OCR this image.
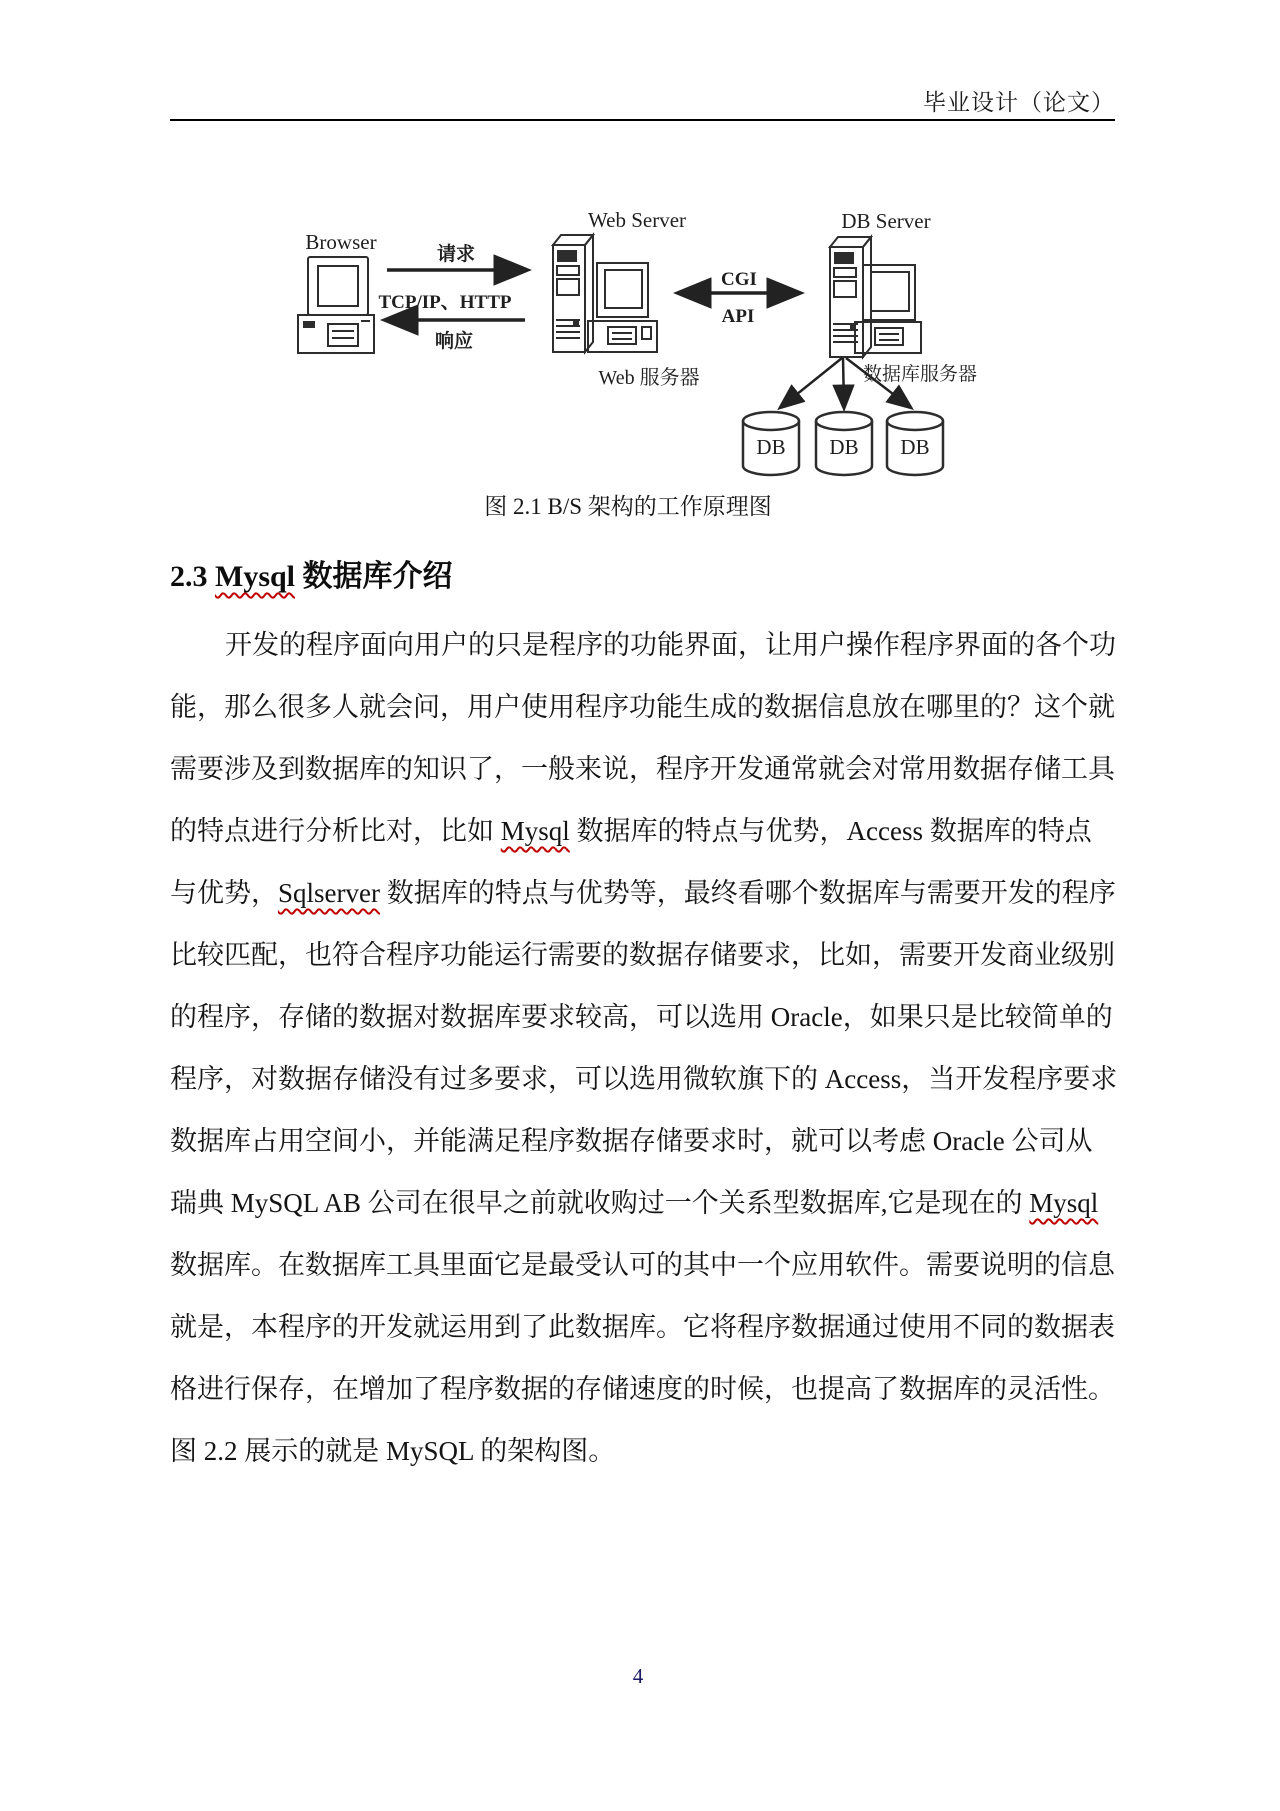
毕业设计（论文）
Browser
请求
TCP/IP、HTTP
响应
Web Server
Web 服务器
CGI
API
DB Server
数据库服务器
DB DB DB
图 2.1 B/S 架构的工作原理图
2.3 Mysql 数据库介绍
开发的程序面向用户的只是程序的功能界面，让用户操作程序界面的各个功
能，那么很多人就会问，用户使用程序功能生成的数据信息放在哪里的？这个就
需要涉及到数据库的知识了，一般来说，程序开发通常就会对常用数据存储工具
的特点进行分析比对，比如 Mysql 数据库的特点与优势，Access 数据库的特点
与优势，Sqlserver 数据库的特点与优势等，最终看哪个数据库与需要开发的程序
比较匹配，也符合程序功能运行需要的数据存储要求，比如，需要开发商业级别
的程序，存储的数据对数据库要求较高，可以选用 Oracle，如果只是比较简单的
程序，对数据存储没有过多要求，可以选用微软旗下的 Access，当开发程序要求
数据库占用空间小，并能满足程序数据存储要求时，就可以考虑 Oracle 公司从
瑞典 MySQL AB 公司在很早之前就收购过一个关系型数据库,它是现在的 Mysql
数据库。在数据库工具里面它是最受认可的其中一个应用软件。需要说明的信息
就是，本程序的开发就运用到了此数据库。它将程序数据通过使用不同的数据表
格进行保存，在增加了程序数据的存储速度的时候，也提高了数据库的灵活性。
图 2.2 展示的就是 MySQL 的架构图。
4
